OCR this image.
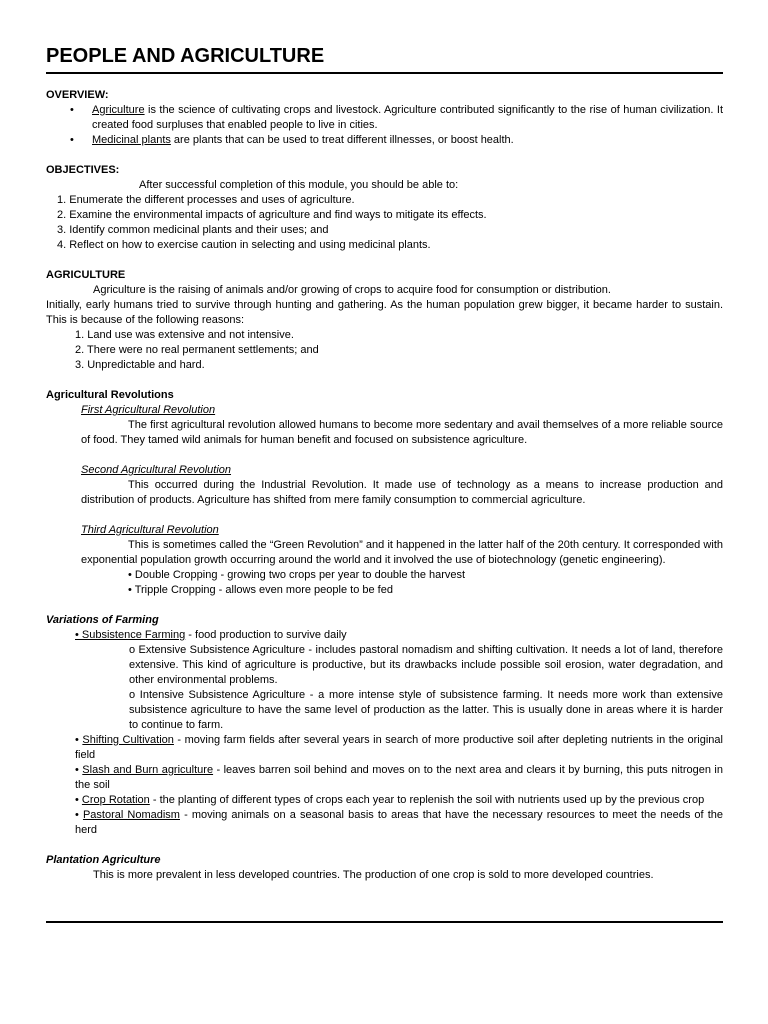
PEOPLE AND AGRICULTURE

OVERVIEW:

• Agriculture is the science of cultivating crops and livestock. Agriculture contributed significantly to the rise of human civilization. It created food surpluses that enabled people to live in cities.
• Medicinal plants are plants that can be used to treat different illnesses, or boost health.

OBJECTIVES:

After successful completion of this module, you should be able to:

1. Enumerate the different processes and uses of agriculture.

2. Examine the environmental impacts of agriculture and find ways to mitigate its effects.

3. Identify common medicinal plants and their uses; and

4. Reflect on how to exercise caution in selecting and using medicinal plants.

AGRICULTURE

Agriculture is the raising of animals and/or growing of crops to acquire food for consumption or distribution.

Initially, early humans tried to survive through hunting and gathering. As the human population grew bigger, it became harder to sustain. This is because of the following reasons:

1. Land use was extensive and not intensive.

2. There were no real permanent settlements; and

3. Unpredictable and hard.

Agricultural Revolutions

First Agricultural Revolution

The first agricultural revolution allowed humans to become more sedentary and avail themselves of a more reliable source of food. They tamed wild animals for human benefit and focused on subsistence agriculture.

Second Agricultural Revolution

This occurred during the Industrial Revolution. It made use of technology as a means to increase production and distribution of products. Agriculture has shifted from mere family consumption to commercial agriculture.

Third Agricultural Revolution

This is sometimes called the “Green Revolution” and it happened in the latter half of the 20th century. It corresponded with exponential population growth occurring around the world and it involved the use of biotechnology (genetic engineering).

• Double Cropping - growing two crops per year to double the harvest

• Tripple Cropping - allows even more people to be fed

Variations of Farming

• Subsistence Farming - food production to survive daily

o Extensive Subsistence Agriculture - includes pastoral nomadism and shifting cultivation. It needs a lot of land, therefore extensive. This kind of agriculture is productive, but its drawbacks include possible soil erosion, water degradation, and other environmental problems.

o Intensive Subsistence Agriculture - a more intense style of subsistence farming. It needs more work than extensive subsistence agriculture to have the same level of production as the latter. This is usually done in areas where it is harder to continue to farm.

• Shifting Cultivation - moving farm fields after several years in search of more productive soil after depleting nutrients in the original field

• Slash and Burn agriculture - leaves barren soil behind and moves on to the next area and clears it by burning, this puts nitrogen in the soil

• Crop Rotation - the planting of different types of crops each year to replenish the soil with nutrients used up by the previous crop

• Pastoral Nomadism - moving animals on a seasonal basis to areas that have the necessary resources to meet the needs of the herd

Plantation Agriculture

This is more prevalent in less developed countries. The production of one crop is sold to more developed countries.
